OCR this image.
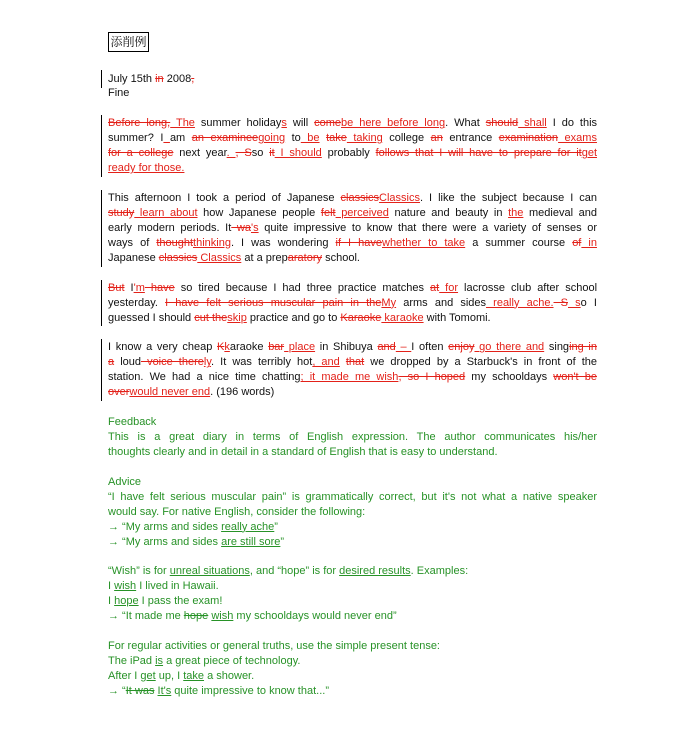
添削例
July 15th in 2008,
Fine
Before long, The summer holidays will comebe here before long. What should shall I do this
summer? I am an examineegoing to be take taking college an entrance examination exams
for a college next year. , Sso it I should probably follows that I will have to prepare for itget
ready for those.
This afternoon I took a period of Japanese classicsClassics. I like the subject because I can
study learn about how Japanese people felt perceived nature and beauty in the medieval and
early modern periods. It wa's quite impressive to know that there were a variety of senses or
ways of thoughtthinking. I was wondering if I havewhether to take a summer course of in
Japanese classics Classics at a preparatory school.
But I'm have so tired because I had three practice matches at for lacrosse club after school
yesterday. I have felt serious muscular pain in theMy arms and sides really ache. S so I
guessed I should cut theskip practice and go to Karaoke karaoke with Tomomi.
I know a very cheap Kkaraoke bar place in Shibuya and – I often enjoy go there and singing in
a loud voice therely. It was terribly hot, and that we dropped by a Starbuck's in front of the
station. We had a nice time chatting; it made me wish, so I hoped my schooldays won't be
overwould never end. (196 words)
Feedback
This is a great diary in terms of English expression. The author communicates his/her
thoughts clearly and in detail in a standard of English that is easy to understand.
Advice
“I have felt serious muscular pain” is grammatically correct, but it's not what a native speaker
would say. For native English, consider the following:
→ “My arms and sides really ache”
→ “My arms and sides are still sore”
“Wish” is for unreal situations, and “hope” is for desired results. Examples:
I wish I lived in Hawaii.
I hope I pass the exam!
→ “It made me hope wish my schooldays would never end”
For regular activities or general truths, use the simple present tense:
The iPad is a great piece of technology.
After I get up, I take a shower.
→ “It was It's quite impressive to know that...”
